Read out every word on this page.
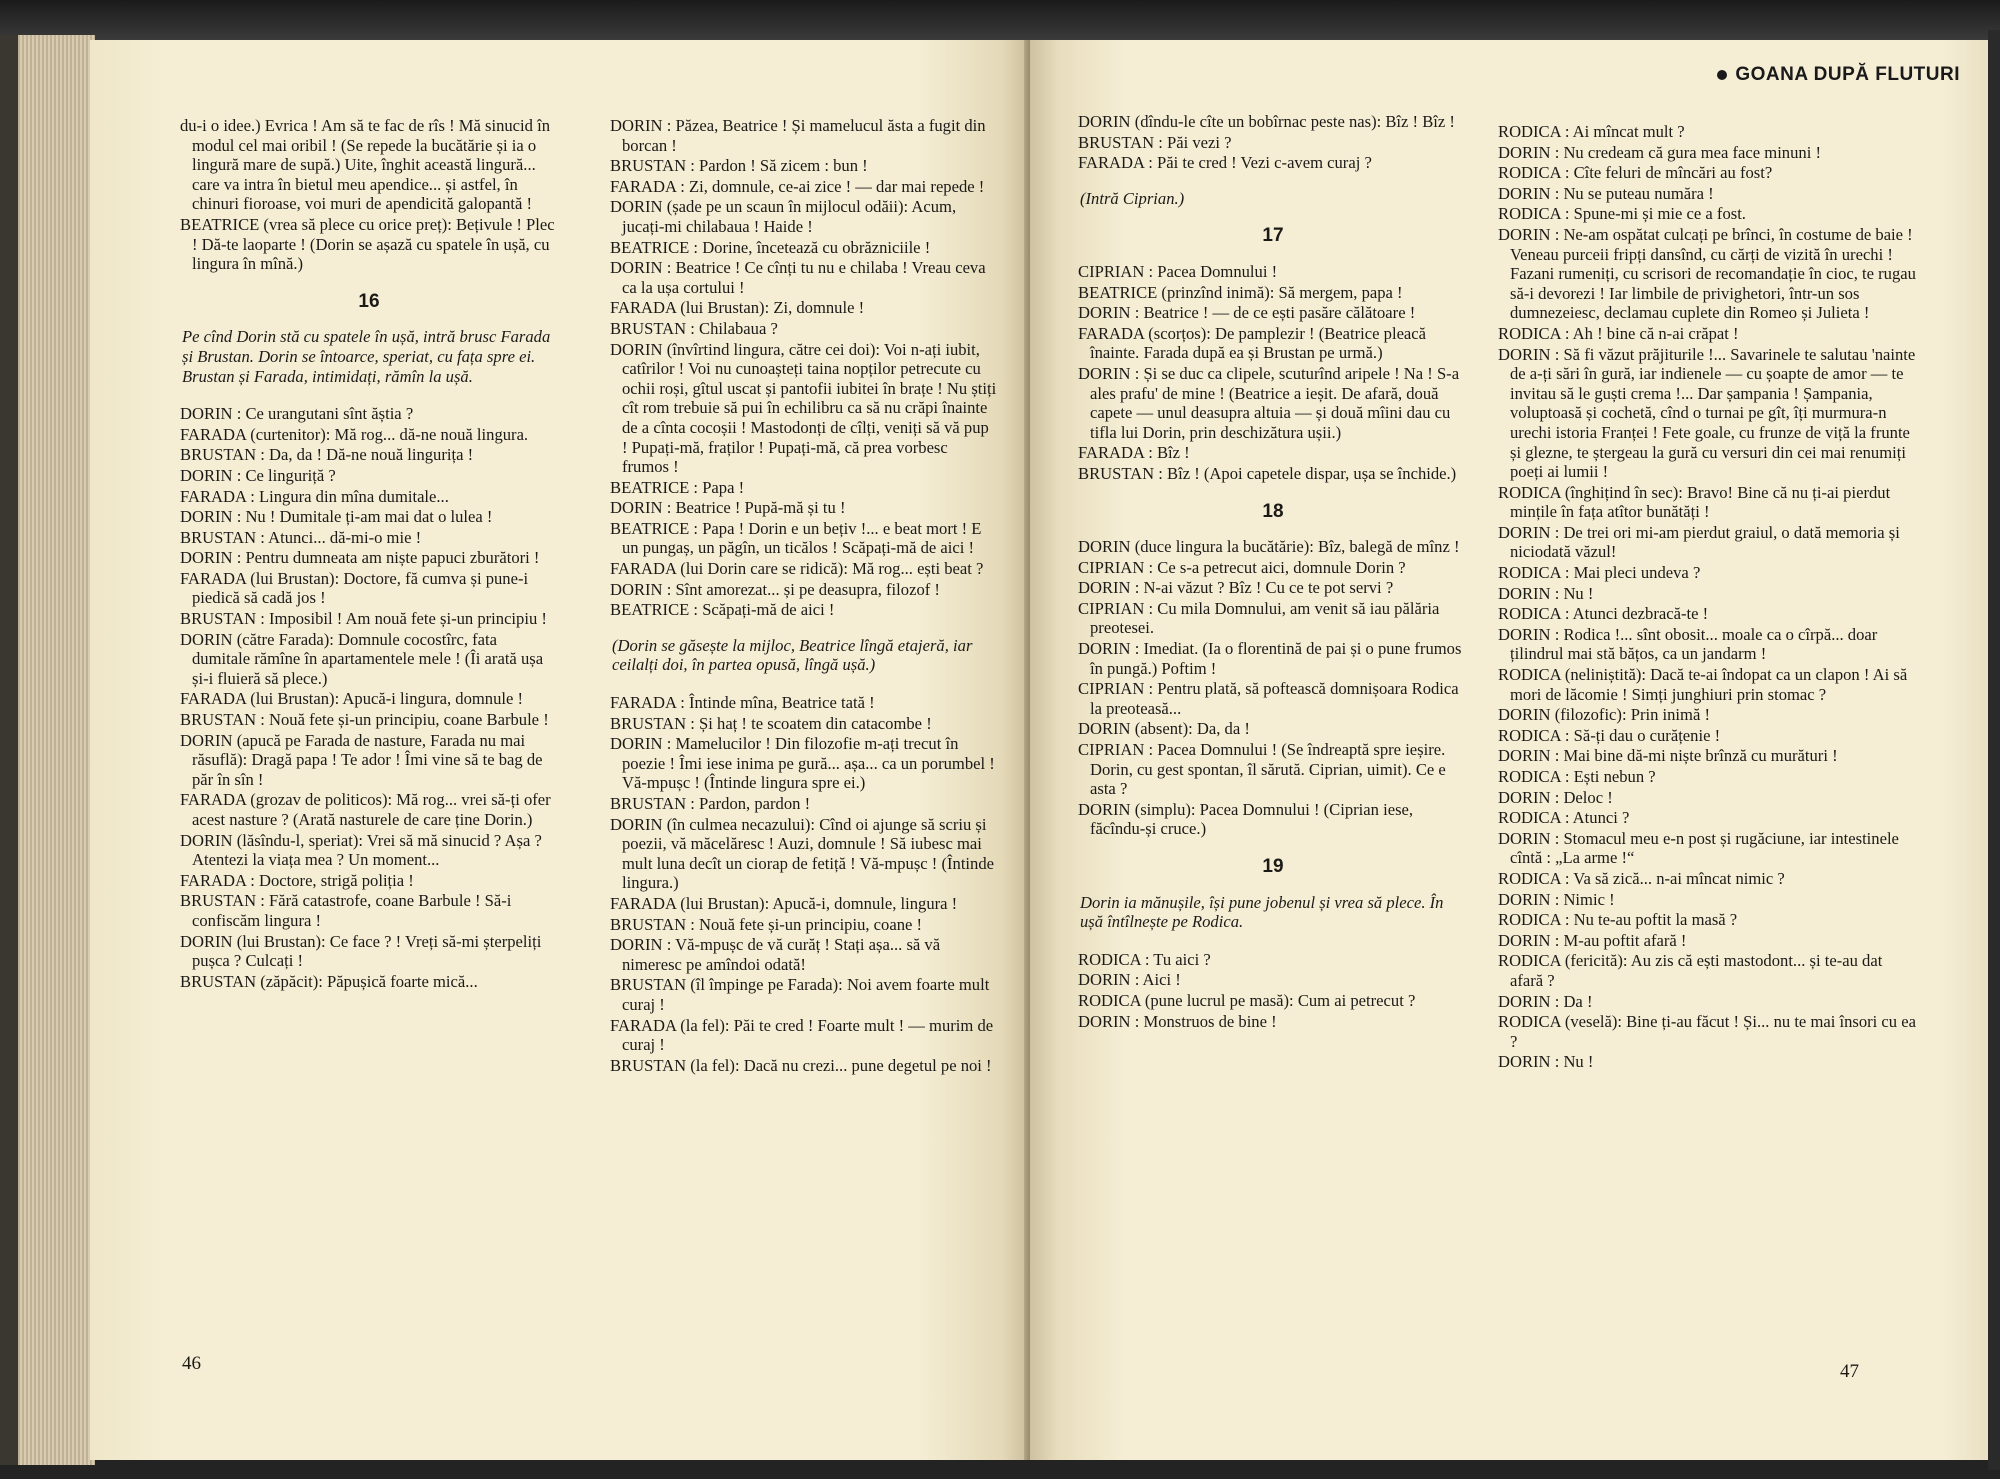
du-i o idee.) Evrica ! Am să te fac de rîs ! Mă sinucid în modul cel mai oribil ! (Se repede la bucătărie și ia o lingură mare de supă.) Uite, înghit această lingură... care va intra în bietul meu apendice... și astfel, în chinuri fioroase, voi muri de apendicită galopantă !

BEATRICE (vrea să plece cu orice preț): Bețivule ! Plec ! Dă-te laoparte ! (Dorin se așază cu spatele în ușă, cu lingura în mînă.)

16

Pe cînd Dorin stă cu spatele în ușă, intră brusc Farada și Brustan. Dorin se întoarce, speriat, cu fața spre ei. Brustan și Farada, intimidați, rămîn la ușă.

DORIN : Ce urangutani sînt ăștia ?

FARADA (curtenitor): Mă rog... dă-ne nouă lingura.

BRUSTAN : Da, da ! Dă-ne nouă lingurița !

DORIN : Ce linguriță ?

FARADA : Lingura din mîna dumitale...

DORIN : Nu ! Dumitale ți-am mai dat o lulea !

BRUSTAN : Atunci... dă-mi-o mie !

DORIN : Pentru dumneata am niște papuci zburători !

FARADA (lui Brustan): Doctore, fă cumva și pune-i piedică să cadă jos !

BRUSTAN : Imposibil ! Am nouă fete și-un principiu !

DORIN (către Farada): Domnule cocostîrc, fata dumitale rămîne în apartamentele mele ! (Îi arată ușa și-i fluieră să plece.)

FARADA (lui Brustan): Apucă-i lingura, domnule !

BRUSTAN : Nouă fete și-un principiu, coane Barbule !

DORIN (apucă pe Farada de nasture, Farada nu mai răsuflă): Dragă papa ! Te ador ! Îmi vine să te bag de păr în sîn !

FARADA (grozav de politicos): Mă rog... vrei să-ți ofer acest nasture ? (Arată nasturele de care ține Dorin.)

DORIN (lăsîndu-l, speriat): Vrei să mă sinucid ? Așa ? Atentezi la viața mea ? Un moment...

FARADA : Doctore, strigă poliția !

BRUSTAN : Fără catastrofe, coane Barbule ! Să-i confiscăm lingura !

DORIN (lui Brustan): Ce face ? ! Vreți să-mi șterpeliți pușca ? Culcați !

BRUSTAN (zăpăcit): Păpușică foarte mică...

DORIN : Păzea, Beatrice ! Și mamelucul ăsta a fugit din borcan !

BRUSTAN : Pardon ! Să zicem : bun !

FARADA : Zi, domnule, ce-ai zice ! — dar mai repede !

DORIN (șade pe un scaun în mijlocul odăii): Acum, jucați-mi chilabaua ! Haide !

BEATRICE : Dorine, încetează cu obrăzniciile !

DORIN : Beatrice ! Ce cînți tu nu e chilaba ! Vreau ceva ca la ușa cortului !

FARADA (lui Brustan): Zi, domnule !

BRUSTAN : Chilabaua ?

DORIN (învîrtind lingura, către cei doi): Voi n-ați iubit, catîrilor ! Voi nu cunoașteți taina nopților petrecute cu ochii roși, gîtul uscat și pantofii iubitei în brațe ! Nu știți cît rom trebuie să pui în echilibru ca să nu crăpi înainte de a cînta cocoșii ! Mastodonți de cîlți, veniți să vă pup ! Pupați-mă, fraților ! Pupați-mă, că prea vorbesc frumos !

BEATRICE : Papa !

DORIN : Beatrice ! Pupă-mă și tu !

BEATRICE : Papa ! Dorin e un bețiv !... e beat mort ! E un pungaș, un păgîn, un ticălos ! Scăpați-mă de aici !

FARADA (lui Dorin care se ridică): Mă rog... ești beat ?

DORIN : Sînt amorezat... și pe deasupra, filozof !

BEATRICE : Scăpați-mă de aici !

(Dorin se găsește la mijloc, Beatrice lîngă etajeră, iar ceilalți doi, în partea opusă, lîngă ușă.)

FARADA : Întinde mîna, Beatrice tată !

BRUSTAN : Și haț ! te scoatem din catacombe !

DORIN : Mamelucilor ! Din filozofie m-ați trecut în poezie ! Îmi iese inima pe gură... așa... ca un porumbel ! Vă-mpușc ! (Întinde lingura spre ei.)

BRUSTAN : Pardon, pardon !

DORIN (în culmea necazului): Cînd oi ajunge să scriu și poezii, vă măcelăresc ! Auzi, domnule ! Să iubesc mai mult luna decît un ciorap de fetiță ! Vă-mpușc ! (Întinde lingura.)

FARADA (lui Brustan): Apucă-i, domnule, lingura !

BRUSTAN : Nouă fete și-un principiu, coane !

DORIN : Vă-mpușc de vă curăț ! Stați așa... să vă nimeresc pe amîndoi odată!

BRUSTAN (îl împinge pe Farada): Noi avem foarte mult curaj !

FARADA (la fel): Păi te cred ! Foarte mult ! — murim de curaj !

BRUSTAN (la fel): Dacă nu crezi... pune degetul pe noi !

46
GOANA DUPĂ FLUTURI

DORIN (dîndu-le cîte un bobîrnac peste nas): Bîz ! Bîz !

BRUSTAN : Păi vezi ?

FARADA : Păi te cred ! Vezi c-avem curaj ?

(Intră Ciprian.)

17

CIPRIAN : Pacea Domnului !

BEATRICE (prinzînd inimă): Să mergem, papa !

DORIN : Beatrice ! — de ce ești pasăre călătoare !

FARADA (scorțos): De pamplezir ! (Beatrice pleacă înainte. Farada după ea și Brustan pe urmă.)

DORIN : Și se duc ca clipele, scuturînd aripele ! Na ! S-a ales prafu' de mine ! (Beatrice a ieșit. De afară, două capete — unul deasupra altuia — și două mîini dau cu tifla lui Dorin, prin deschizătura ușii.)

FARADA : Bîz !

BRUSTAN : Bîz ! (Apoi capetele dispar, ușa se închide.)

18

DORIN (duce lingura la bucătărie): Bîz, balegă de mînz !

CIPRIAN : Ce s-a petrecut aici, domnule Dorin ?

DORIN : N-ai văzut ? Bîz ! Cu ce te pot servi ?

CIPRIAN : Cu mila Domnului, am venit să iau pălăria preotesei.

DORIN : Imediat. (Ia o florentină de pai și o pune frumos în pungă.) Poftim !

CIPRIAN : Pentru plată, să poftească domnișoara Rodica la preoteasă...

DORIN (absent): Da, da !

CIPRIAN : Pacea Domnului ! (Se îndreaptă spre ieșire. Dorin, cu gest spontan, îl sărută. Ciprian, uimit). Ce e asta ?

DORIN (simplu): Pacea Domnului ! (Ciprian iese, făcîndu-și cruce.)

19

Dorin ia mănușile, își pune jobenul și vrea să plece. În ușă întîlnește pe Rodica.

RODICA : Tu aici ?

DORIN : Aici !

RODICA (pune lucrul pe masă): Cum ai petrecut ?

DORIN : Monstruos de bine !

RODICA : Ai mîncat mult ?

DORIN : Nu credeam că gura mea face minuni !

RODICA : Cîte feluri de mîncări au fost?

DORIN : Nu se puteau număra !

RODICA : Spune-mi și mie ce a fost.

DORIN : Ne-am ospătat culcați pe brînci, în costume de baie ! Veneau purceii fripți dansînd, cu cărți de vizită în urechi ! Fazani rumeniți, cu scrisori de recomandație în cioc, te rugau să-i devorezi ! Iar limbile de privighetori, într-un sos dumnezeiesc, declamau cuplete din Romeo și Julieta !

RODICA : Ah ! bine că n-ai crăpat !

DORIN : Să fi văzut prăjiturile !... Savarinele te salutau 'nainte de a-ți sări în gură, iar indienele — cu șoapte de amor — te invitau să le guști crema !... Dar șampania ! Șampania, voluptoasă și cochetă, cînd o turnai pe gît, îți murmura-n urechi istoria Franței ! Fete goale, cu frunze de viță la frunte și glezne, te ștergeau la gură cu versuri din cei mai renumiți poeți ai lumii !

RODICA (înghițind în sec): Bravo! Bine că nu ți-ai pierdut mințile în fața atîtor bunătăți !

DORIN : De trei ori mi-am pierdut graiul, o dată memoria și niciodată văzul!

RODICA : Mai pleci undeva ?

DORIN : Nu !

RODICA : Atunci dezbracă-te !

DORIN : Rodica !... sînt obosit... moale ca o cîrpă... doar țilindrul mai stă bățos, ca un jandarm !

RODICA (neliniștită): Dacă te-ai îndopat ca un clapon ! Ai să mori de lăcomie ! Simți junghiuri prin stomac ?

DORIN (filozofic): Prin inimă !

RODICA : Să-ți dau o curățenie !

DORIN : Mai bine dă-mi niște brînză cu murături !

RODICA : Ești nebun ?

DORIN : Deloc !

RODICA : Atunci ?

DORIN : Stomacul meu e-n post și rugăciune, iar intestinele cîntă : „La arme !“

RODICA : Va să zică... n-ai mîncat nimic ?

DORIN : Nimic !

RODICA : Nu te-au poftit la masă ?

DORIN : M-au poftit afară !

RODICA (fericită): Au zis că ești mastodont... și te-au dat afară ?

DORIN : Da !

RODICA (veselă): Bine ți-au făcut ! Și... nu te mai însori cu ea ?

DORIN : Nu !

47
